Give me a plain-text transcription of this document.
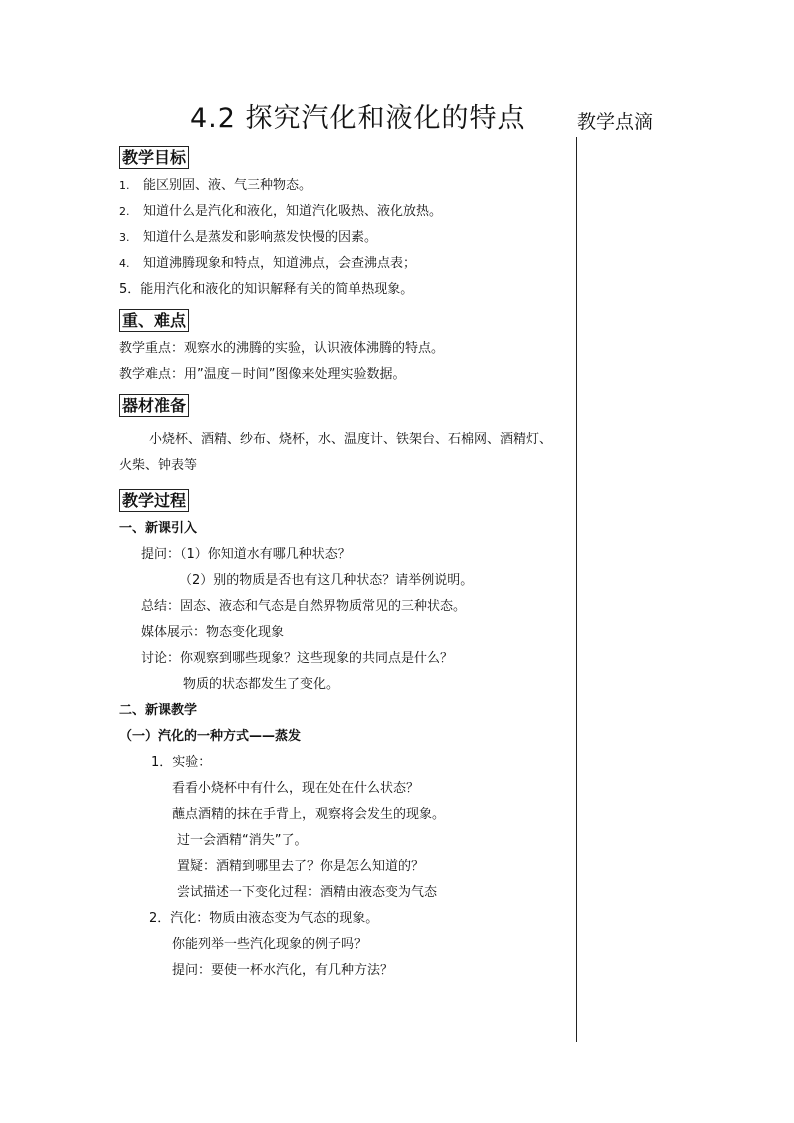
4.2 探究汽化和液化的特点	教学点滴
教学目标
1. 能区别固、液、气三种物态。
2. 知道什么是汽化和液化，知道汽化吸热、液化放热。
3. 知道什么是蒸发和影响蒸发快慢的因素。
4. 知道沸腾现象和特点，知道沸点，会查沸点表；
5．能用汽化和液化的知识解释有关的简单热现象。
重、难点
教学重点：观察水的沸腾的实验，认识液体沸腾的特点。
教学难点：用”温度－时间”图像来处理实验数据。
器材准备
小烧杯、酒精、纱布、烧杯，水、温度计、铁架台、石棉网、酒精灯、
火柴、钟表等
教学过程
一、新课引入
提问：（1）你知道水有哪几种状态？
（2）别的物质是否也有这几种状态？请举例说明。
总结：固态、液态和气态是自然界物质常见的三种状态。
媒体展示：物态变化现象
讨论：你观察到哪些现象？这些现象的共同点是什么？
物质的状态都发生了变化。
二、新课教学
（一）汽化的一种方式——蒸发
1．实验：
看看小烧杯中有什么，现在处在什么状态？
蘸点酒精的抹在手背上，观察将会发生的现象。
过一会酒精“消失”了。
置疑：酒精到哪里去了？你是怎么知道的？
尝试描述一下变化过程：酒精由液态变为气态
2．汽化：物质由液态变为气态的现象。
你能列举一些汽化现象的例子吗？
提问：要使一杯水汽化，有几种方法？
